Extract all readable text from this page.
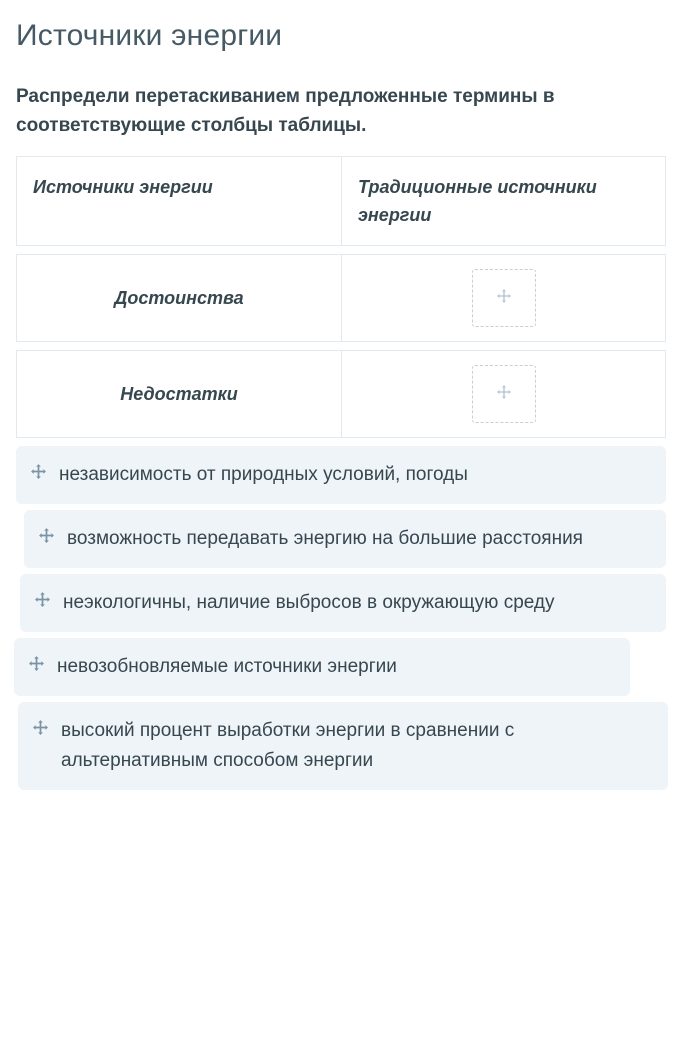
Источники энергии
Распредели перетаскиванием предложенные термины в соответствующие столбцы таблицы.
Источники энергии	Традиционные источники энергии
Достоинства
Недостатки
независимость от природных условий, погоды
возможность передавать энергию на большие расстояния
неэкологичны, наличие выбросов в окружающую среду
невозобновляемые источники энергии
высокий процент выработки энергии в сравнении с альтернативным способом энергии
